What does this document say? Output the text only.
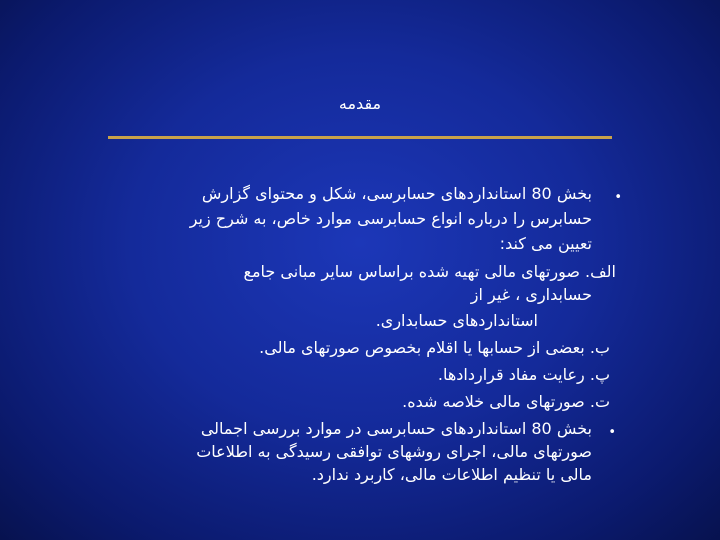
مقدمه
•
بخش 80 استانداردهای حسابرسی، شکل و محتوای گزارش
حسابرس را درباره انواع حسابرسی موارد خاص، به شرح زیر
تعیین می کند:
الف. صورتهای مالی تهیه شده براساس سایر مبانی جامع
حسابداری ، غیر از
استانداردهای حسابداری.
ب. بعضی از حسابها یا اقلام بخصوص صورتهای مالی.
پ. رعایت مفاد قراردادها.
ت. صورتهای مالی خلاصه شده.
•
بخش 80 استانداردهای حسابرسی در موارد بررسی اجمالی
صورتهای مالی، اجرای روشهای توافقی رسیدگی به اطلاعات
مالی یا تنظیم اطلاعات مالی، کاربرد ندارد.
